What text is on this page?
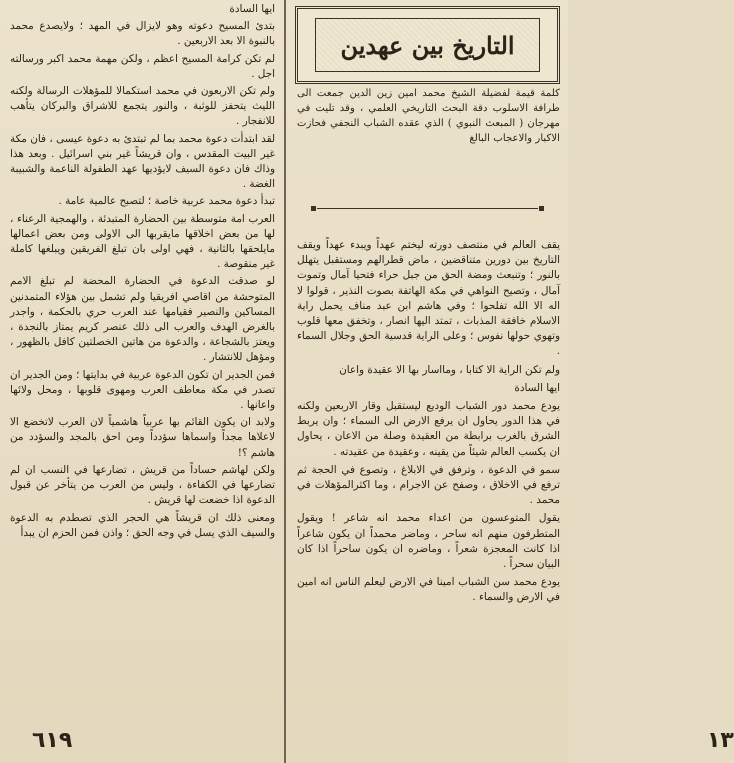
ايها السادة

بتدئ المسيح دعوته وهو لايزال في المهد ؛ ولايصدع محمد بالنبوة الا بعد الاربعين .

لم تكن كرامة المسيح اعظم ، ولكن مهمة محمد اكبر ورسالته اجل .

ولم تكن الاربعون في محمد استكمالا للمؤهلات الرسالة ولكنه الليث يتحفز للوثبة ، والنور يتجمع للاشراق والبركان يتأهب للانفجار .

لقد ابتدأت دعوة محمد بما لم تبتدئ به دعوة عيسى ، فان مكة غير البيت المقدس ، وان قريشاً غير بني اسرائيل . وبعد هذا وذاك فان دعوة السيف لايؤديها عهد الطفولة الناعمة والشبيبة الغضة .

تبدأ دعوة محمد عربية خاصة ؛ لتصبح عالمية عامة .

العرب امة متوسطة بين الحضارة المتبدئة ، والهمجية الرعناء ، لها من بعض اخلاقها مايقربها الى الاولى ومن بعض اعمالها مايلحقها بالثانية ، فهي اولى بان تبلغ الفريقين ويبلغها كاملة غير منقوصة .

لو صدقت الدعوة في الحضارة المحضة لم تبلغ الامم المتوحشة من اقاصي افريقيا ولم تشمل بين هؤلاء المتمدنين المساكين والنصير فقيامها عند العرب حري بالحكمة ، واجدر بالغرض الهدف والعرب الى ذلك عنصر كريم يمتاز بالنجدة ، ويعتز بالشجاعة ، والدعوة من هاتين الخصلتين كافل بالظهور ، ومؤهل للانتشار .

فمن الجدير ان تكون الدعوة عربية في بدايتها ؛ ومن الجدير ان تصدر في مكة معاطف العرب ومهوى قلوبها ، ومحل ولائها واعانها .

ولابد ان يكون القائم بها عربياً هاشمياً لان العرب لاتخضع الا لاعلاها مجداً واسماها سؤدداً ومن احق بالمجد والسؤدد من هاشم ؟!

ولكن لهاشم حساداً من قريش ، تضارعها في النسب ان لم تضارعها في الكفاءة ، وليس من العرب من يتأخر عن قبول الدعوة اذا خضعت لها قريش .

ومعنى ذلك ان قريشاً هي الحجر الذي تصطدم به الدعوة والسيف الذي يسل في وجه الحق ؛ واذن فمن الحزم ان يبدأ

٦١٩
التاريخ بين عهدين

كلمة قيمة لفضيلة الشيخ محمد امين زين الدين جمعت الى طرافة الاسلوب دقة البحث التاريخي العلمي ، وقد تليت في مهرجان ( المبعث النبوي ) الذي عقده الشباب النجفي فحازت الاكبار والاعجاب البالغ

يقف العالم في منتصف دورته ليختم عهداً ويبدء عهداً ويقف التاريخ بين دورين متناقضين ، ماض قطرالهم ومستقبل يتهلل بالنور ؛ وتنبعث ومضة الحق من جبل حراء فتحيا آمال وتموت آمال ، وتصيح النواهي في مكة الهاتفة بصوت النذير ، قولوا لا اله الا الله تفلحوا ؛ وفي هاشم ابن عبد مناف يحمل راية الاسلام خافقة المذبات ، تمتد اليها انصار ، وتخفق معها قلوب وتهوي حولها نفوس ؛ وعلى الراية قدسية الحق وجلال السماء .

ولم تكن الراية الا كتابا ، ومااسار بها الا عقيدة واعان

ايها السادة

يودع محمد دور الشباب الوديع ليستقبل وقار الاربعين ولكنه في هذا الدور يحاول ان يرفع الارض الى السماء ؛ وان يربط الشرق بالغرب برابطة من العقيدة وصلة من الاعان ، يحاول ان يكسب العالم شيئاً من يقينه ، وعقيدة من عقيدته .

سمو في الدعوة ، وترفق في الابلاغ ، وتصوع في الحجة ثم ترفع في الاخلاق ، وصفح عن الاجرام ، وما اكثرالمؤهلات في محمد .

يقول المتوعسون من اعداء محمد انه شاعر ! ويقول المتطرفون منهم انه ساحر ، وماضر محمداً ان يكون شاعراً اذا كانت المعجزة شعراً ، وماضره ان يكون ساحراً اذا كان البيان سحراً .

يودع محمد سن الشباب امينا في الارض ليعلم الناس انه امين في الارض والسماء .

١٣
